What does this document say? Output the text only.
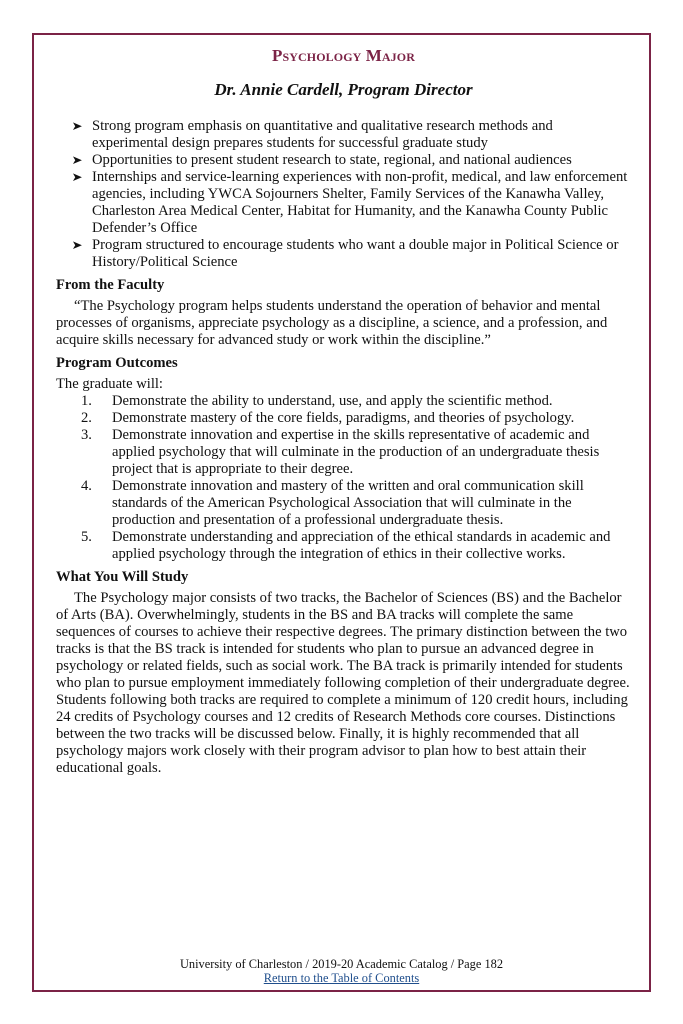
Psychology Major
Dr. Annie Cardell, Program Director
➤ Strong program emphasis on quantitative and qualitative research methods and experimental design prepares students for successful graduate study
➤ Opportunities to present student research to state, regional, and national audiences
➤ Internships and service-learning experiences with non-profit, medical, and law enforcement agencies, including YWCA Sojourners Shelter, Family Services of the Kanawha Valley, Charleston Area Medical Center, Habitat for Humanity, and the Kanawha County Public Defender’s Office
➤ Program structured to encourage students who want a double major in Political Science or History/Political Science
From the Faculty

“The Psychology program helps students understand the operation of behavior and mental processes of organisms, appreciate psychology as a discipline, a science, and a profession, and acquire skills necessary for advanced study or work within the discipline.”

Program Outcomes

The graduate will:

1. Demonstrate the ability to understand, use, and apply the scientific method.
2. Demonstrate mastery of the core fields, paradigms, and theories of psychology.
3. Demonstrate innovation and expertise in the skills representative of academic and applied psychology that will culminate in the production of an undergraduate thesis project that is appropriate to their degree.
4. Demonstrate innovation and mastery of the written and oral communication skill standards of the American Psychological Association that will culminate in the production and presentation of a professional undergraduate thesis.
5. Demonstrate understanding and appreciation of the ethical standards in academic and applied psychology through the integration of ethics in their collective works.
What You Will Study

The Psychology major consists of two tracks, the Bachelor of Sciences (BS) and the Bachelor of Arts (BA). Overwhelmingly, students in the BS and BA tracks will complete the same sequences of courses to achieve their respective degrees. The primary distinction between the two tracks is that the BS track is intended for students who plan to pursue an advanced degree in psychology or related fields, such as social work. The BA track is primarily intended for students who plan to pursue employment immediately following completion of their undergraduate degree. Students following both tracks are required to complete a minimum of 120 credit hours, including 24 credits of Psychology courses and 12 credits of Research Methods core courses. Distinctions between the two tracks will be discussed below. Finally, it is highly recommended that all psychology majors work closely with their program advisor to plan how to best attain their educational goals.

University of Charleston / 2019-20 Academic Catalog / Page 182
Return to the Table of Contents
